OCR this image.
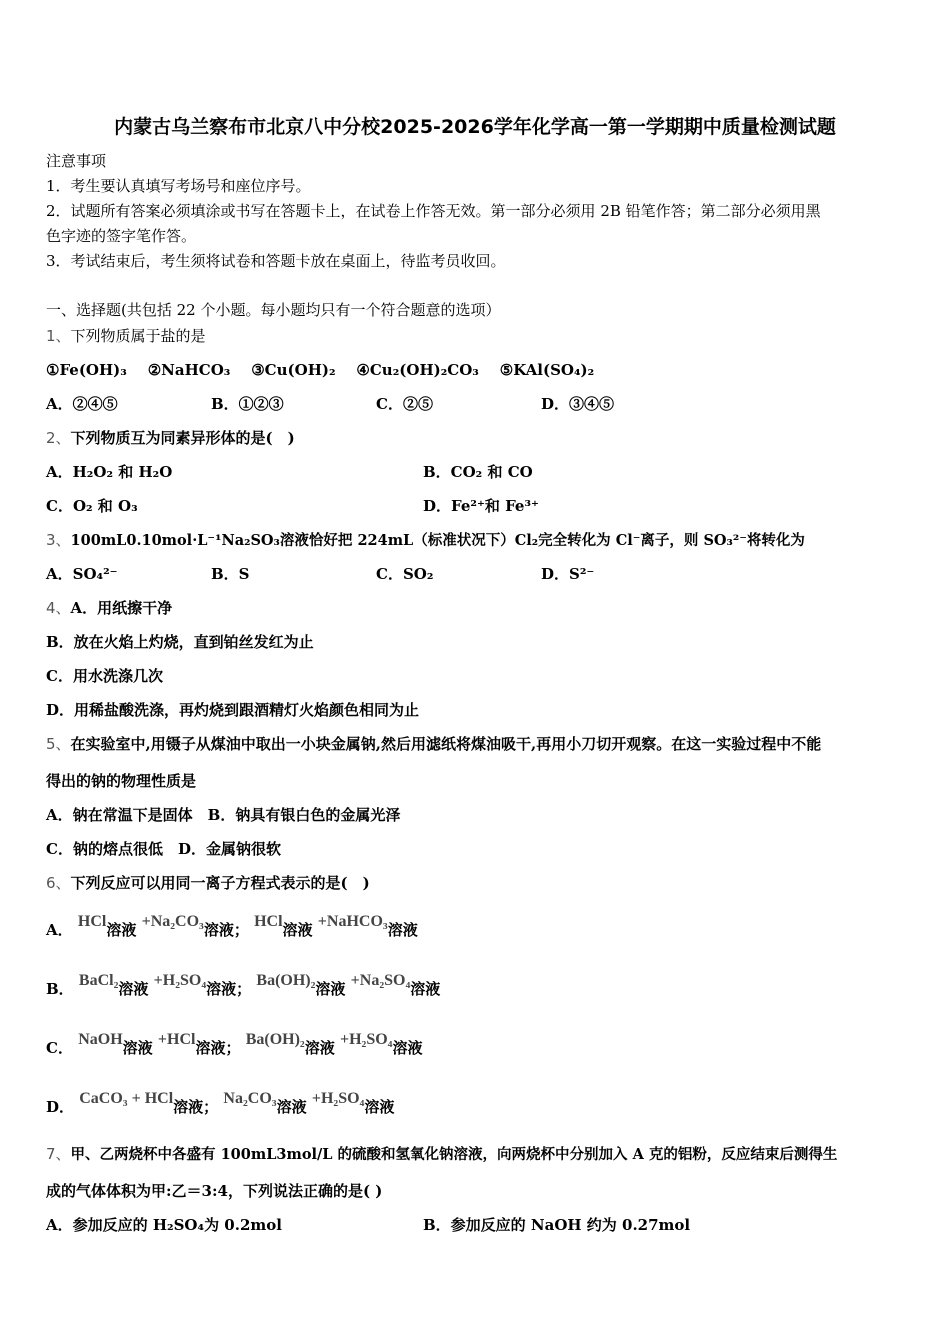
内蒙古乌兰察布市北京八中分校2025-2026学年化学高一第一学期期中质量检测试题
注意事项
1．考生要认真填写考场号和座位序号。
2．试题所有答案必须填涂或书写在答题卡上，在试卷上作答无效。第一部分必须用 2B 铅笔作答；第二部分必须用黑
色字迹的签字笔作答。
3．考试结束后，考生须将试卷和答题卡放在桌面上，待监考员收回。
一、选择题(共包括 22 个小题。每小题均只有一个符合题意的选项）
1、下列物质属于盐的是
①Fe(OH)₃ ②NaHCO₃ ③Cu(OH)₂ ④Cu₂(OH)₂CO₃ ⑤KAl(SO₄)₂
A．②④⑤	B．①②③	C．②⑤	D．③④⑤
2、下列物质互为同素异形体的是(　)
A．H₂O₂ 和 H₂O	B．CO₂ 和 CO
C．O₂ 和 O₃	D．Fe²⁺和 Fe³⁺
3、100mL0.10mol·L⁻¹Na₂SO₃溶液恰好把 224mL（标准状况下）Cl₂完全转化为 Cl⁻离子，则 SO₃²⁻将转化为
A．SO₄²⁻	B．S	C．SO₂	D．S²⁻
4、A．用纸擦干净
B．放在火焰上灼烧，直到铂丝发红为止
C．用水洗涤几次
D．用稀盐酸洗涤，再灼烧到跟酒精灯火焰颜色相同为止
5、在实验室中,用镊子从煤油中取出一小块金属钠,然后用滤纸将煤油吸干,再用小刀切开观察。在这一实验过程中不能
得出的钠的物理性质是
A．钠在常温下是固体　B．钠具有银白色的金属光泽
C．钠的熔点很低　D．金属钠很软
6、下列反应可以用同一离子方程式表示的是(　)
A． HCl溶液 +Na₂CO₃溶液； HCl溶液 +NaHCO₃溶液
B． BaCl₂溶液 +H₂SO₄溶液； Ba(OH)₂溶液 +Na₂SO₄溶液
C． NaOH溶液 +HCl溶液； Ba(OH)₂溶液 +H₂SO₄溶液
D． CaCO₃ + HCl溶液； Na₂CO₃溶液 +H₂SO₄溶液
7、甲、乙两烧杯中各盛有 100mL3mol/L 的硫酸和氢氧化钠溶液，向两烧杯中分别加入 A 克的铝粉，反应结束后测得生
成的气体体积为甲:乙＝3:4，下列说法正确的是( )
A．参加反应的 H₂SO₄为 0.2mol	B．参加反应的 NaOH 约为 0.27mol
